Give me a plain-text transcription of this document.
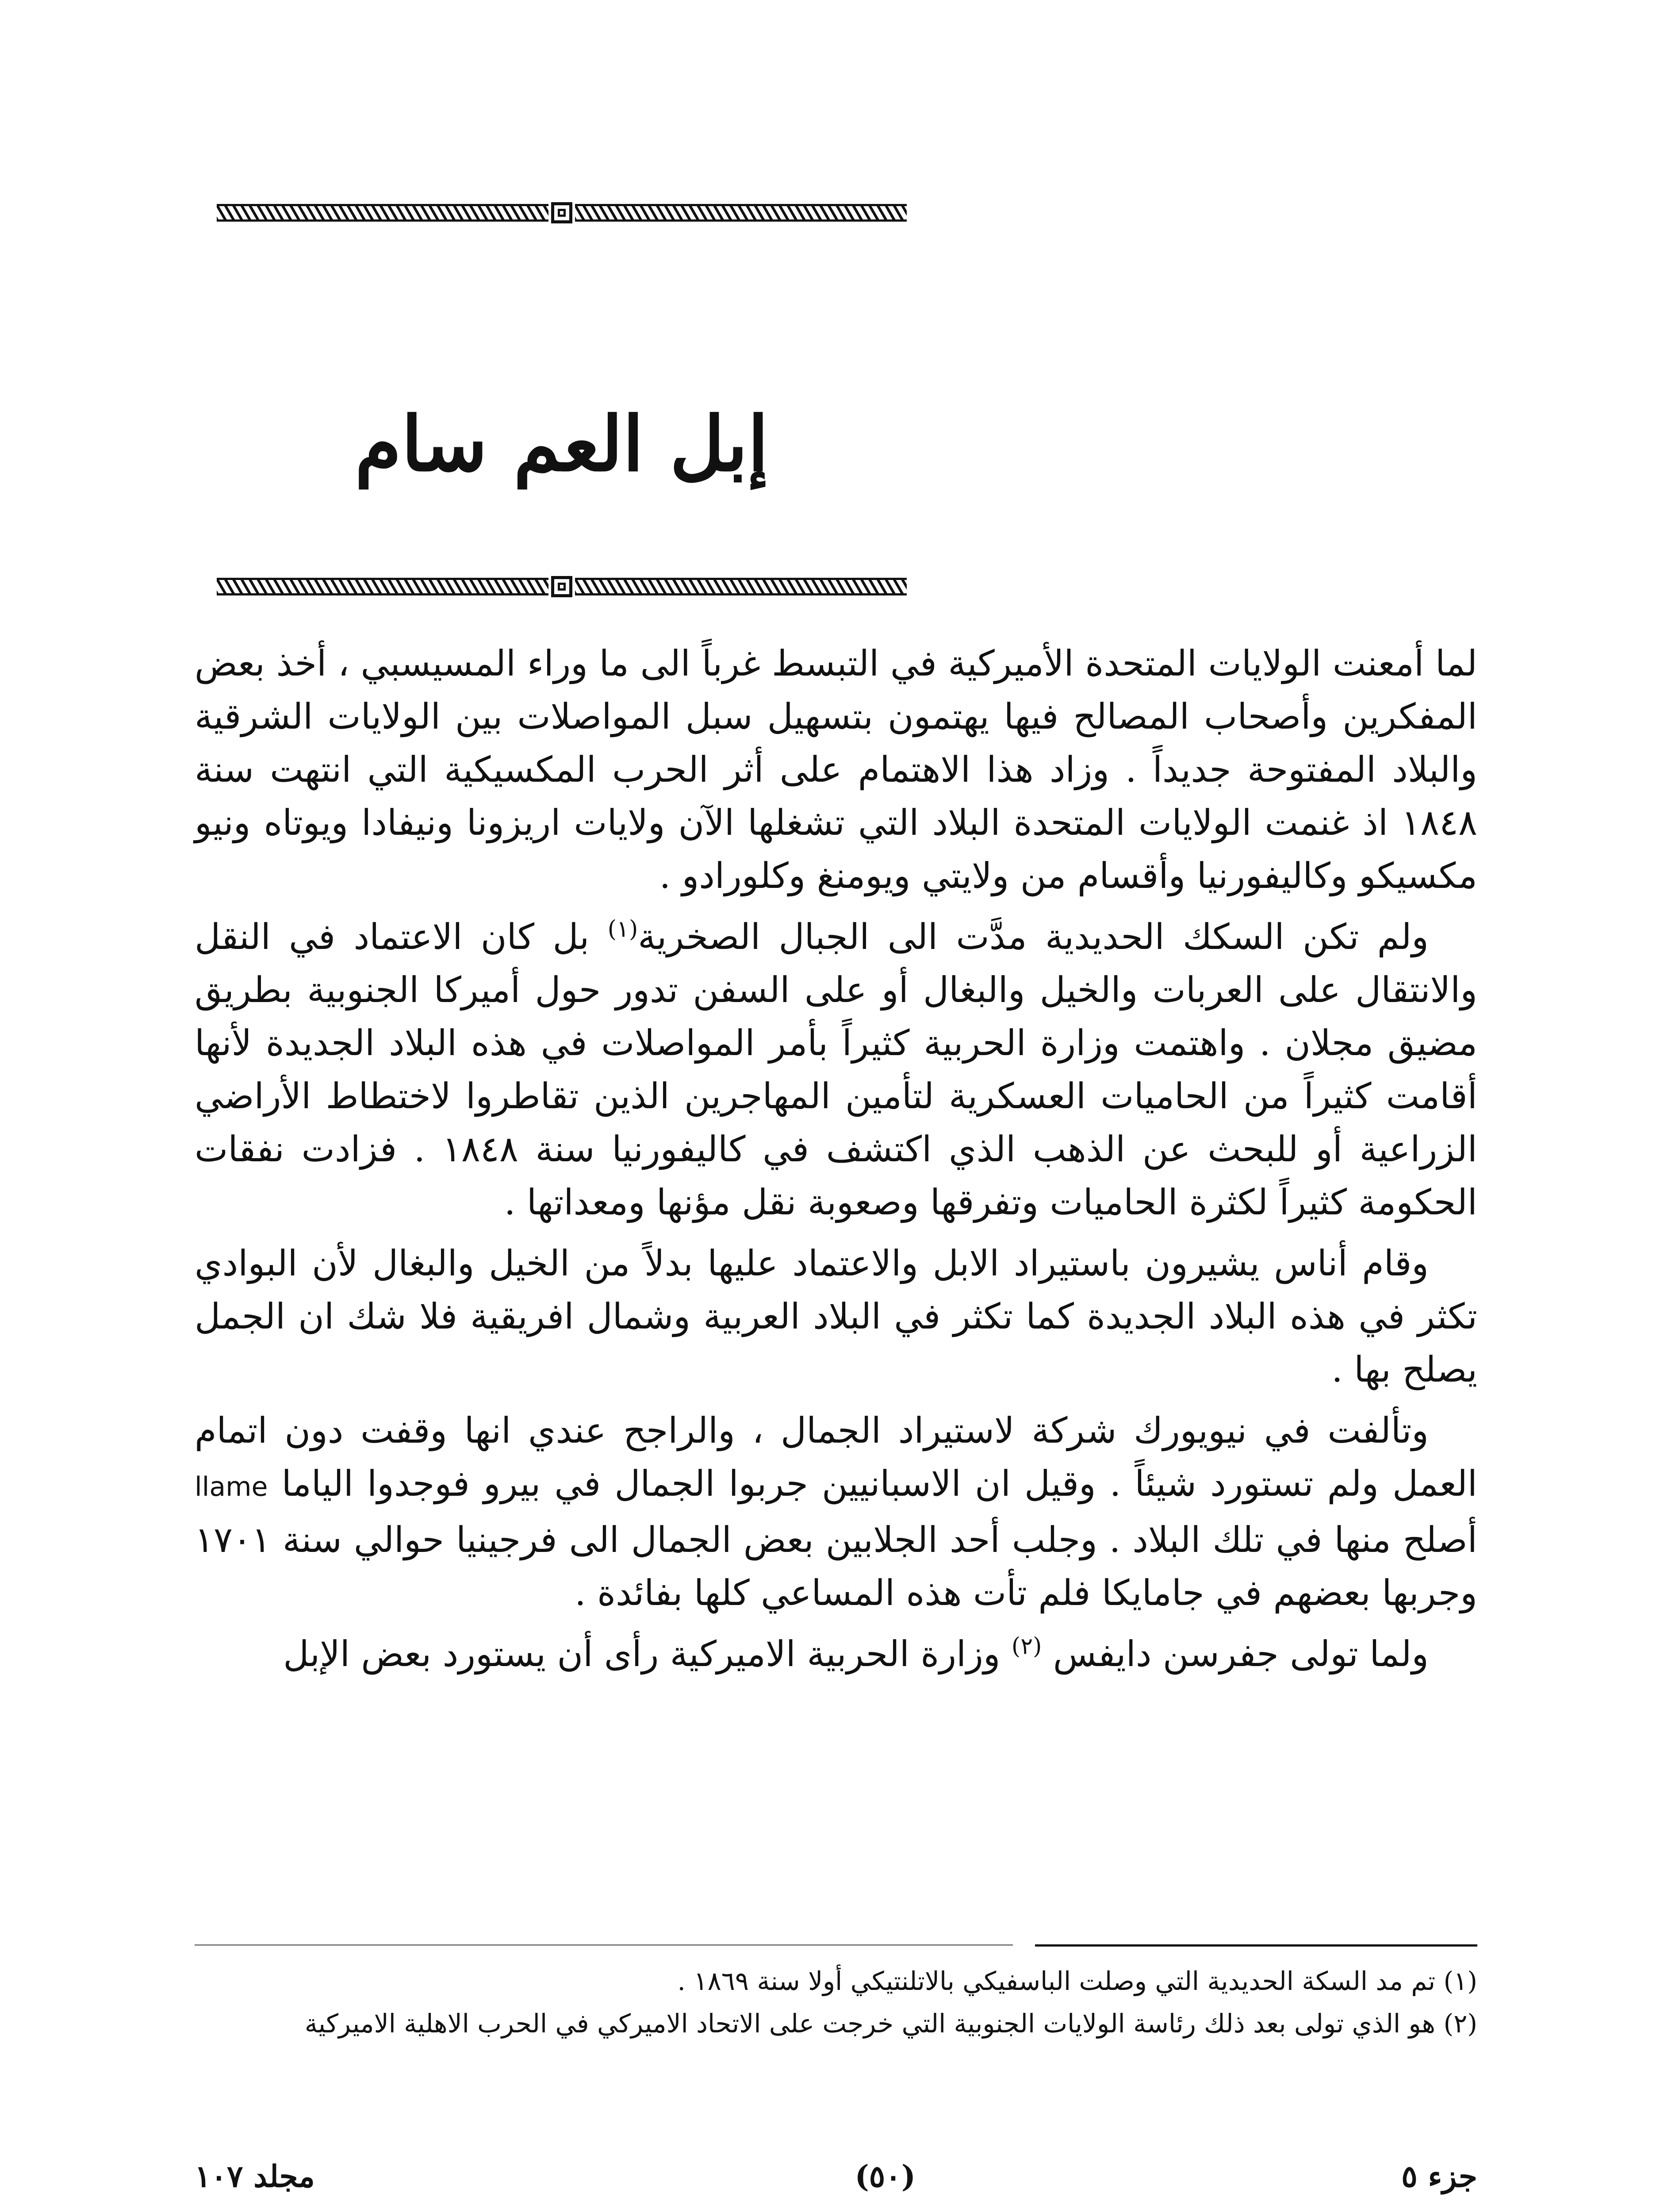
إبل العم سام

لما أمعنت الولايات المتحدة الأميركية في التبسط غرباً الى ما وراء المسيسبي ، أخذ بعض المفكرين وأصحاب المصالح فيها يهتمون بتسهيل سبل المواصلات بين الولايات الشرقية والبلاد المفتوحة جديداً . وزاد هذا الاهتمام على أثر الحرب المكسيكية التي انتهت سنة ١٨٤٨ اذ غنمت الولايات المتحدة البلاد التي تشغلها الآن ولايات اريزونا ونيفادا ويوتاه ونيو مكسيكو وكاليفورنيا وأقسام من ولايتي ويومنغ وكلورادو .

ولم تكن السكك الحديدية مدَّت الى الجبال الصخرية$^{(١)}$ بل كان الاعتماد في النقل والانتقال على العربات والخيل والبغال أو على السفن تدور حول أميركا الجنوبية بطريق مضيق مجلان . واهتمت وزارة الحربية كثيراً بأمر المواصلات في هذه البلاد الجديدة لأنها أقامت كثيراً من الحاميات العسكرية لتأمين المهاجرين الذين تقاطروا لاختطاط الأراضي الزراعية أو للبحث عن الذهب الذي اكتشف في كاليفورنيا سنة ١٨٤٨ . فزادت نفقات الحكومة كثيراً لكثرة الحاميات وتفرقها وصعوبة نقل مؤنها ومعداتها .

وقام أناس يشيرون باستيراد الابل والاعتماد عليها بدلاً من الخيل والبغال لأن البوادي تكثر في هذه البلاد الجديدة كما تكثر في البلاد العربية وشمال افريقية فلا شك ان الجمل يصلح بها .

وتألفت في نيويورك شركة لاستيراد الجمال ، والراجح عندي انها وقفت دون اتمام العمل ولم تستورد شيئاً . وقيل ان الاسبانيين جربوا الجمال في بيرو فوجدوا الياما llame أصلح منها في تلك البلاد . وجلب أحد الجلابين بعض الجمال الى فرجينيا حوالي سنة ١٧٠١ وجربها بعضهم في جامايكا فلم تأت هذه المساعي كلها بفائدة .

ولما تولى جفرسن دايفس $^{(٢)}$ وزارة الحربية الاميركية رأى أن يستورد بعض الإبل

(١) تم مد السكة الحديدية التي وصلت الباسفيكي بالاتلنتيكي أولا سنة ١٨٦٩ .

(٢) هو الذي تولى بعد ذلك رئاسة الولايات الجنوبية التي خرجت على الاتحاد الاميركي في الحرب الاهلية الاميركية

جزء ٥
(٥٠)
مجلد ١٠٧
